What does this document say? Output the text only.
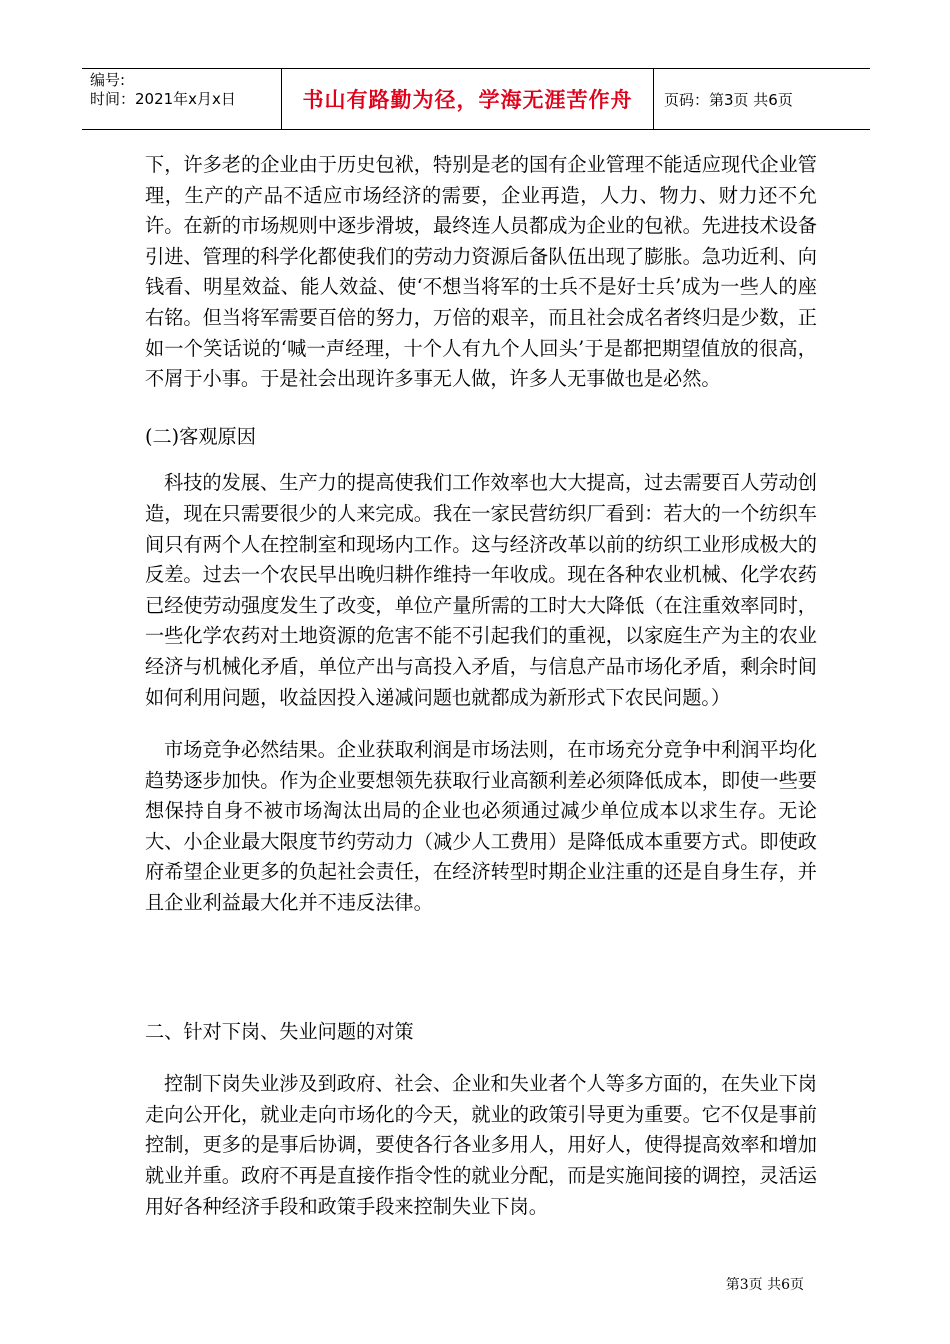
编号:
时间：2021年x月x日	书山有路勤为径，学海无涯苦作舟	页码：第3页 共6页

下，许多老的企业由于历史包袱，特别是老的国有企业管理不能适应现代企业管理，生产的产品不适应市场经济的需要，企业再造，人力、物力、财力还不允许。在新的市场规则中逐步滑坡，最终连人员都成为企业的包袱。先进技术设备引进、管理的科学化都使我们的劳动力资源后备队伍出现了膨胀。急功近利、向钱看、明星效益、能人效益、使‘不想当将军的士兵不是好士兵’成为一些人的座右铭。但当将军需要百倍的努力，万倍的艰辛，而且社会成名者终归是少数，正如一个笑话说的‘喊一声经理，十个人有九个人回头’于是都把期望值放的很高，不屑于小事。于是社会出现许多事无人做，许多人无事做也是必然。

(二)客观原因

科技的发展、生产力的提高使我们工作效率也大大提高，过去需要百人劳动创造，现在只需要很少的人来完成。我在一家民营纺织厂看到：若大的一个纺织车间只有两个人在控制室和现场内工作。这与经济改革以前的纺织工业形成极大的反差。过去一个农民早出晚归耕作维持一年收成。现在各种农业机械、化学农药已经使劳动强度发生了改变，单位产量所需的工时大大降低（在注重效率同时，一些化学农药对土地资源的危害不能不引起我们的重视，以家庭生产为主的农业经济与机械化矛盾，单位产出与高投入矛盾，与信息产品市场化矛盾，剩余时间如何利用问题，收益因投入递减问题也就都成为新形式下农民问题。）

市场竞争必然结果。企业获取利润是市场法则，在市场充分竞争中利润平均化趋势逐步加快。作为企业要想领先获取行业高额利差必须降低成本，即使一些要想保持自身不被市场淘汰出局的企业也必须通过减少单位成本以求生存。无论大、小企业最大限度节约劳动力（减少人工费用）是降低成本重要方式。即使政府希望企业更多的负起社会责任，在经济转型时期企业注重的还是自身生存，并且企业利益最大化并不违反法律。

二、针对下岗、失业问题的对策

控制下岗失业涉及到政府、社会、企业和失业者个人等多方面的，在失业下岗走向公开化，就业走向市场化的今天，就业的政策引导更为重要。它不仅是事前控制，更多的是事后协调，要使各行各业多用人，用好人，使得提高效率和增加就业并重。政府不再是直接作指令性的就业分配，而是实施间接的调控，灵活运用好各种经济手段和政策手段来控制失业下岗。

第3页 共6页
